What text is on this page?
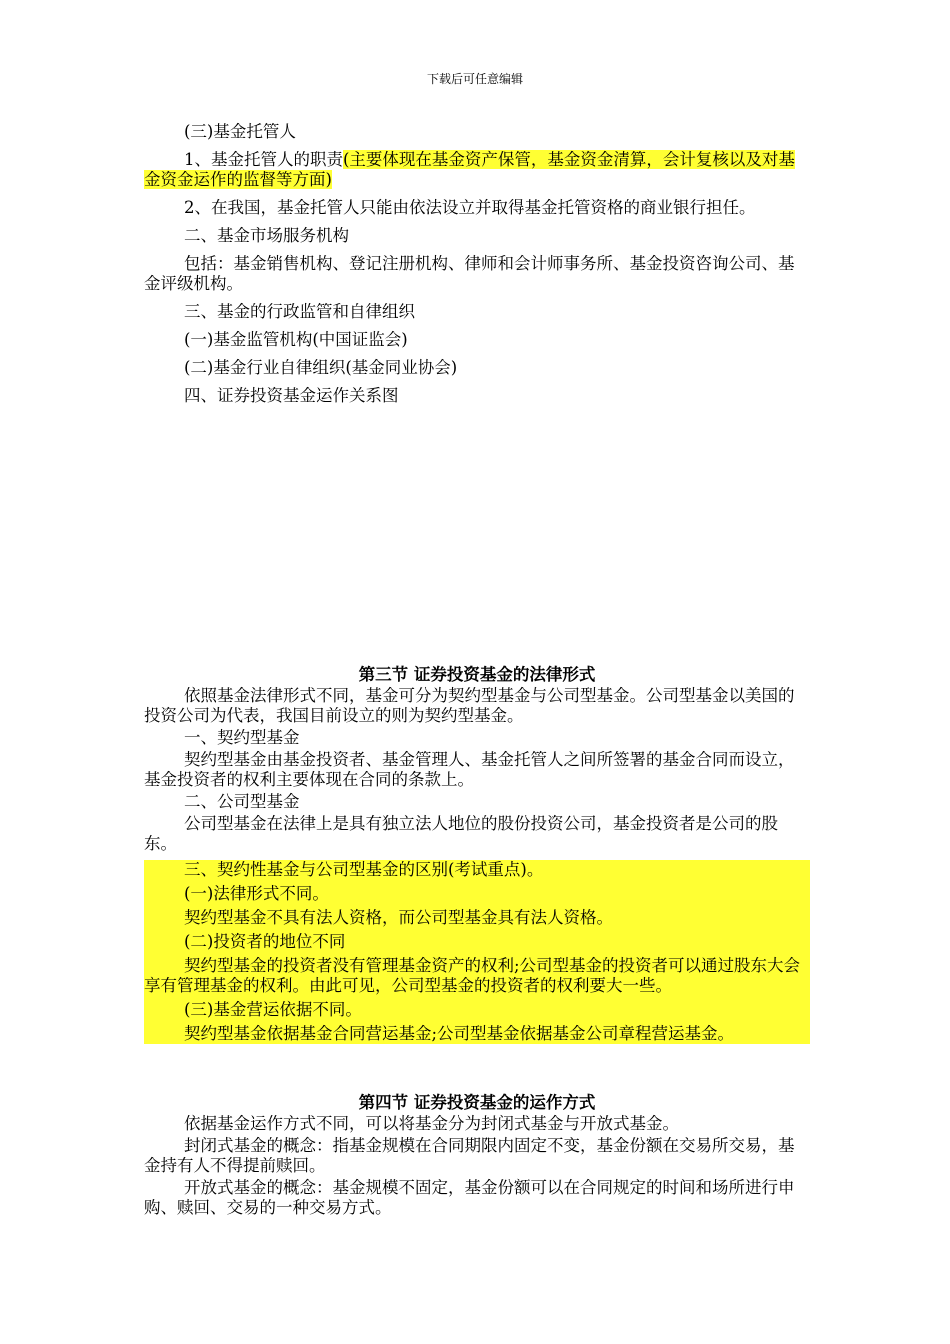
下载后可任意编辑

(三)基金托管人

1、基金托管人的职责(主要体现在基金资产保管，基金资金清算，会计复核以及对基金资金运作的监督等方面)

2、在我国，基金托管人只能由依法设立并取得基金托管资格的商业银行担任。

二、基金市场服务机构

包括：基金销售机构、登记注册机构、律师和会计师事务所、基金投资咨询公司、基金评级机构。

三、基金的行政监管和自律组织

(一)基金监管机构(中国证监会)

(二)基金行业自律组织(基金同业协会)

四、证券投资基金运作关系图

第三节 证券投资基金的法律形式

依照基金法律形式不同，基金可分为契约型基金与公司型基金。公司型基金以美国的投资公司为代表，我国目前设立的则为契约型基金。

一、契约型基金

契约型基金由基金投资者、基金管理人、基金托管人之间所签署的基金合同而设立，基金投资者的权利主要体现在合同的条款上。

二、公司型基金

公司型基金在法律上是具有独立法人地位的股份投资公司，基金投资者是公司的股东。

三、契约性基金与公司型基金的区别(考试重点)。

(一)法律形式不同。

契约型基金不具有法人资格，而公司型基金具有法人资格。

(二)投资者的地位不同

契约型基金的投资者没有管理基金资产的权利;公司型基金的投资者可以通过股东大会享有管理基金的权利。由此可见，公司型基金的投资者的权利要大一些。

(三)基金营运依据不同。

契约型基金依据基金合同营运基金;公司型基金依据基金公司章程营运基金。

第四节 证券投资基金的运作方式

依据基金运作方式不同，可以将基金分为封闭式基金与开放式基金。

封闭式基金的概念：指基金规模在合同期限内固定不变，基金份额在交易所交易，基金持有人不得提前赎回。

开放式基金的概念：基金规模不固定，基金份额可以在合同规定的时间和场所进行申购、赎回、交易的一种交易方式。
